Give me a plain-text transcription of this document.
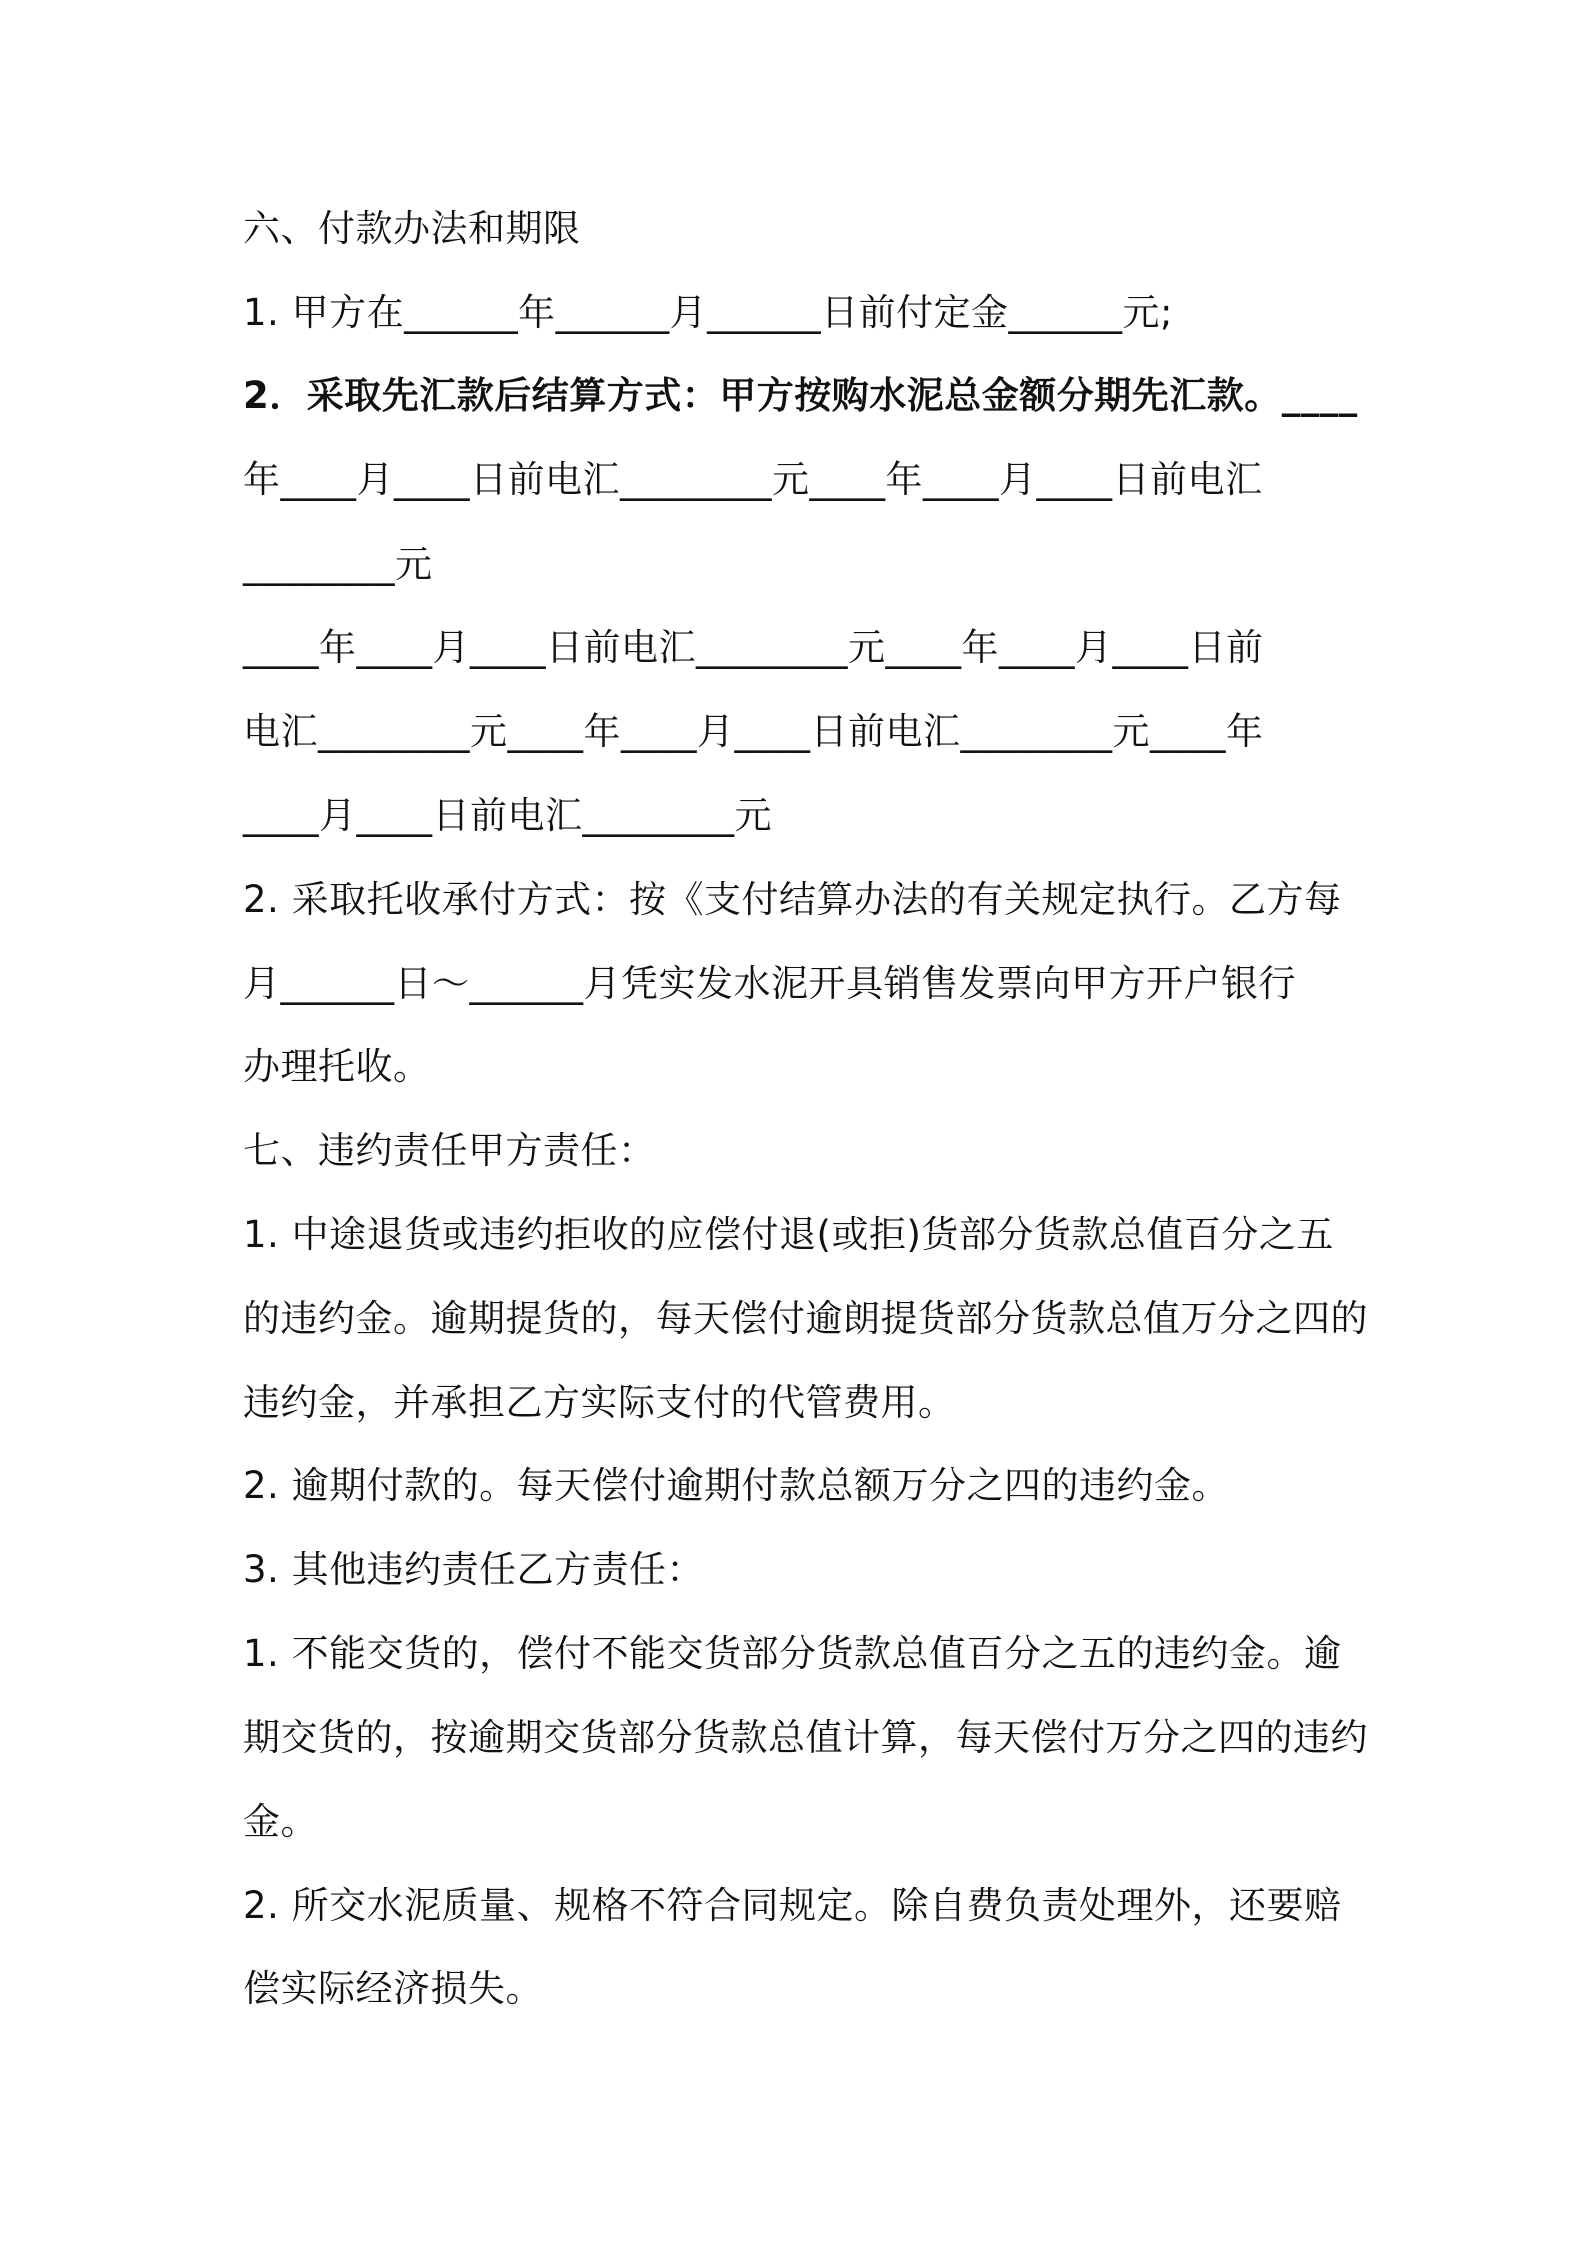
六、付款办法和期限
1. 甲方在______年______月______日前付定金______元;
2．采取先汇款后结算方式：甲方按购水泥总金额分期先汇款。____
年____月____日前电汇________元____年____月____日前电汇
________元
____年____月____日前电汇________元____年____月____日前
电汇________元____年____月____日前电汇________元____年
____月____日前电汇________元
2. 采取托收承付方式：按《支付结算办法的有关规定执行。乙方每
月______日～______月凭实发水泥开具销售发票向甲方开户银行
办理托收。
七、违约责任甲方责任：
1. 中途退货或违约拒收的应偿付退(或拒)货部分货款总值百分之五
的违约金。逾期提货的，每天偿付逾朗提货部分货款总值万分之四的
违约金，并承担乙方实际支付的代管费用。
2. 逾期付款的。每天偿付逾期付款总额万分之四的违约金。
3. 其他违约责任乙方责任：
1. 不能交货的，偿付不能交货部分货款总值百分之五的违约金。逾
期交货的，按逾期交货部分货款总值计算，每天偿付万分之四的违约
金。
2. 所交水泥质量、规格不符合同规定。除自费负责处理外，还要赔
偿实际经济损失。
